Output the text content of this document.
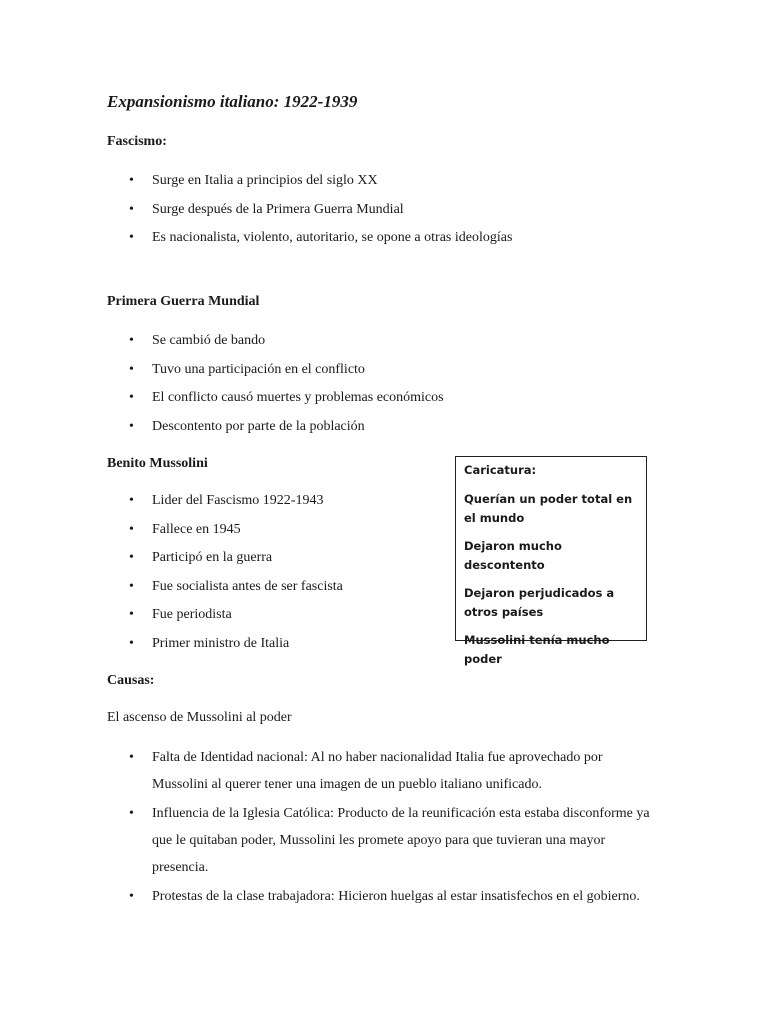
Expansionismo italiano: 1922-1939
Fascismo:
• Surge en Italia a principios del siglo XX
• Surge después de la Primera Guerra Mundial
• Es nacionalista, violento, autoritario, se opone a otras ideologías
Primera Guerra Mundial
• Se cambió de bando
• Tuvo una participación en el conflicto
• El conflicto causó muertes y problemas económicos
• Descontento por parte de la población
Benito Mussolini
• Lider del Fascismo 1922-1943
• Fallece en 1945
• Participó en la guerra
• Fue socialista antes de ser fascista
• Fue periodista
• Primer ministro de Italia

Caricatura:

Querían un poder total en el mundo

Dejaron mucho descontento

Dejaron perjudicados a otros países

Mussolini tenía mucho poder

Causas:

El ascenso de Mussolini al poder

• Falta de Identidad nacional: Al no haber nacionalidad Italia fue aprovechado por Mussolini al querer tener una imagen de un pueblo italiano unificado.
• Influencia de la Iglesia Católica: Producto de la reunificación esta estaba disconforme ya que le quitaban poder, Mussolini les promete apoyo para que tuvieran una mayor presencia.
• Protestas de la clase trabajadora: Hicieron huelgas al estar insatisfechos en el gobierno.
